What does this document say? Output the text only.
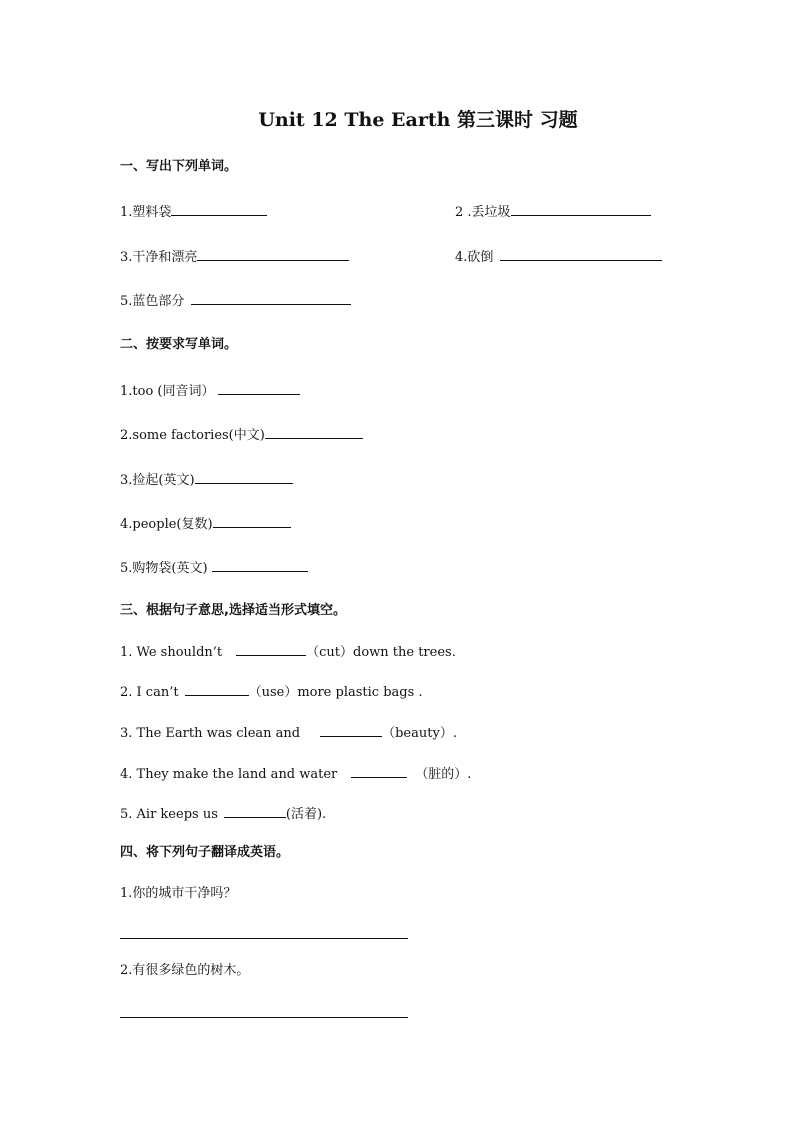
Unit 12 The Earth 第三课时 习题
一、写出下列单词。
1.塑料袋	2 .丢垃圾
3.干净和漂亮	4.砍倒
5.蓝色部分
二、按要求写单词。
1.too (同音词）
2.some factories(中文)
3.捡起(英文)
4.people(复数)
5.购物袋(英文)
三、根据句子意思,选择适当形式填空。
1. We shouldn’t	（cut）down the trees.
2. I can’t	（use）more plastic bags .
3. The Earth was clean and	（beauty）.
4. They make the land and water	（脏的）.
5. Air keeps us	(活着).
四、将下列句子翻译成英语。
1.你的城市干净吗？
2.有很多绿色的树木。
